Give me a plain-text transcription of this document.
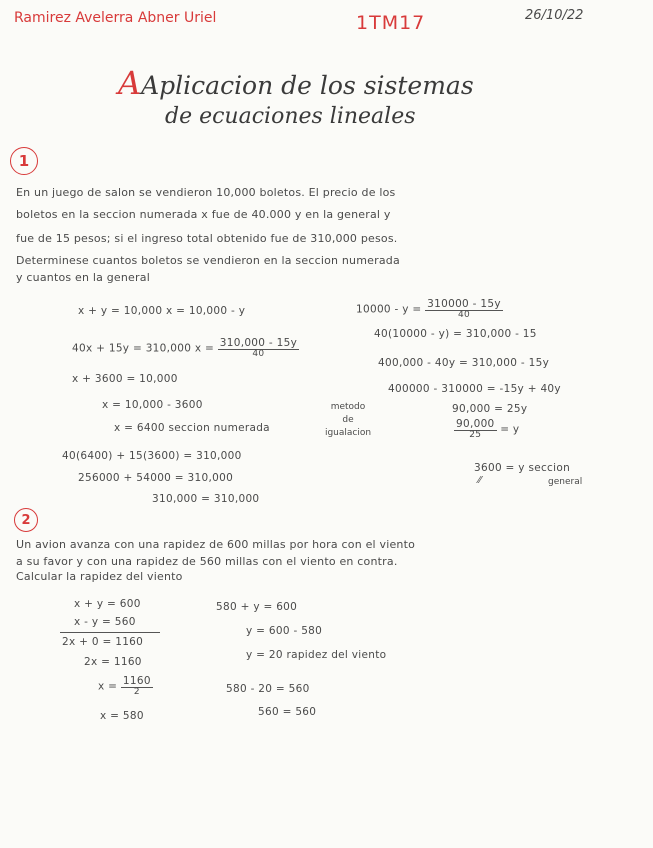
Ramirez Avelerra Abner Uriel	1TM17	26/10/22
AAplicacion de los sistemas
de ecuaciones lineales
1
En un juego de salon se vendieron 10,000 boletos. El precio de los
boletos en la seccion numerada x fue de 40.000 y en la general y
fue de 15 pesos; si el ingreso total obtenido fue de 310,000 pesos.
Determinese cuantos boletos se vendieron en la seccion numerada
y cuantos en la general
x + y = 10,000 x = 10,000 - y
40x + 15y = 310,000 $x = \frac{310,000 - 15y}{40}$
x + 3600 = 10,000
x = 10,000 - 3600
x = 6400 seccion numerada
40(6400) + 15(3600) = 310,000
256000 + 54000 = 310,000
310,000 = 310,000
metodo
de
igualacion
$10000 - y = \frac{310000 - 15y}{40}$
40(10000 - y) = 310,000 - 15
400,000 - 40y = 310,000 - 15y
400000 - 310000 = -15y + 40y
90,000 = 25y
$\frac{90,000}{25} = y$
3600 = y seccion
general
⁄⁄
2
Un avion avanza con una rapidez de 600 millas por hora con el viento
a su favor y con una rapidez de 560 millas con el viento en contra.
Calcular la rapidez del viento
x + y = 600
x - y = 560
2x + 0 = 1160
2x = 1160
$x = \frac{1160}{2}$
x = 580
580 + y = 600
y = 600 - 580
y = 20 rapidez del viento
580 - 20 = 560
560 = 560
